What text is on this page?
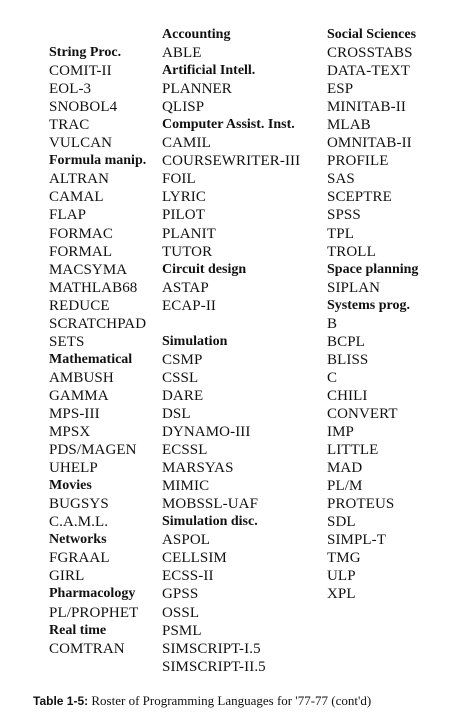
String Proc.
COMIT-II
EOL-3
SNOBOL4
TRAC
VULCAN
Formula manip.
ALTRAN
CAMAL
FLAP
FORMAC
FORMAL
MACSYMA
MATHLAB68
REDUCE
SCRATCHPAD
SETS
Mathematical
AMBUSH
GAMMA
MPS-III
MPSX
PDS/MAGEN
UHELP
Movies
BUGSYS
C.A.M.L.
Networks
FGRAAL
GIRL
Pharmacology
PL/PROPHET
Real time
COMTRAN
Accounting
ABLE
Artificial Intell.
PLANNER
QLISP
Computer Assist. Inst.
CAMIL
COURSEWRITER-III
FOIL
LYRIC
PILOT
PLANIT
TUTOR
Circuit design
ASTAP
ECAP-II
Simulation
CSMP
CSSL
DARE
DSL
DYNAMO-III
ECSSL
MARSYAS
MIMIC
MOBSSL-UAF
Simulation disc.
ASPOL
CELLSIM
ECSS-II
GPSS
OSSL
PSML
SIMSCRIPT-I.5
SIMSCRIPT-II.5
Social Sciences
CROSSTABS
DATA-TEXT
ESP
MINITAB-II
MLAB
OMNITAB-II
PROFILE
SAS
SCEPTRE
SPSS
TPL
TROLL
Space planning
SIPLAN
Systems prog.
B
BCPL
BLISS
C
CHILI
CONVERT
IMP
LITTLE
MAD
PL/M
PROTEUS
SDL
SIMPL-T
TMG
ULP
XPL
Table 1-5: Roster of Programming Languages for '77-77 (cont'd)
